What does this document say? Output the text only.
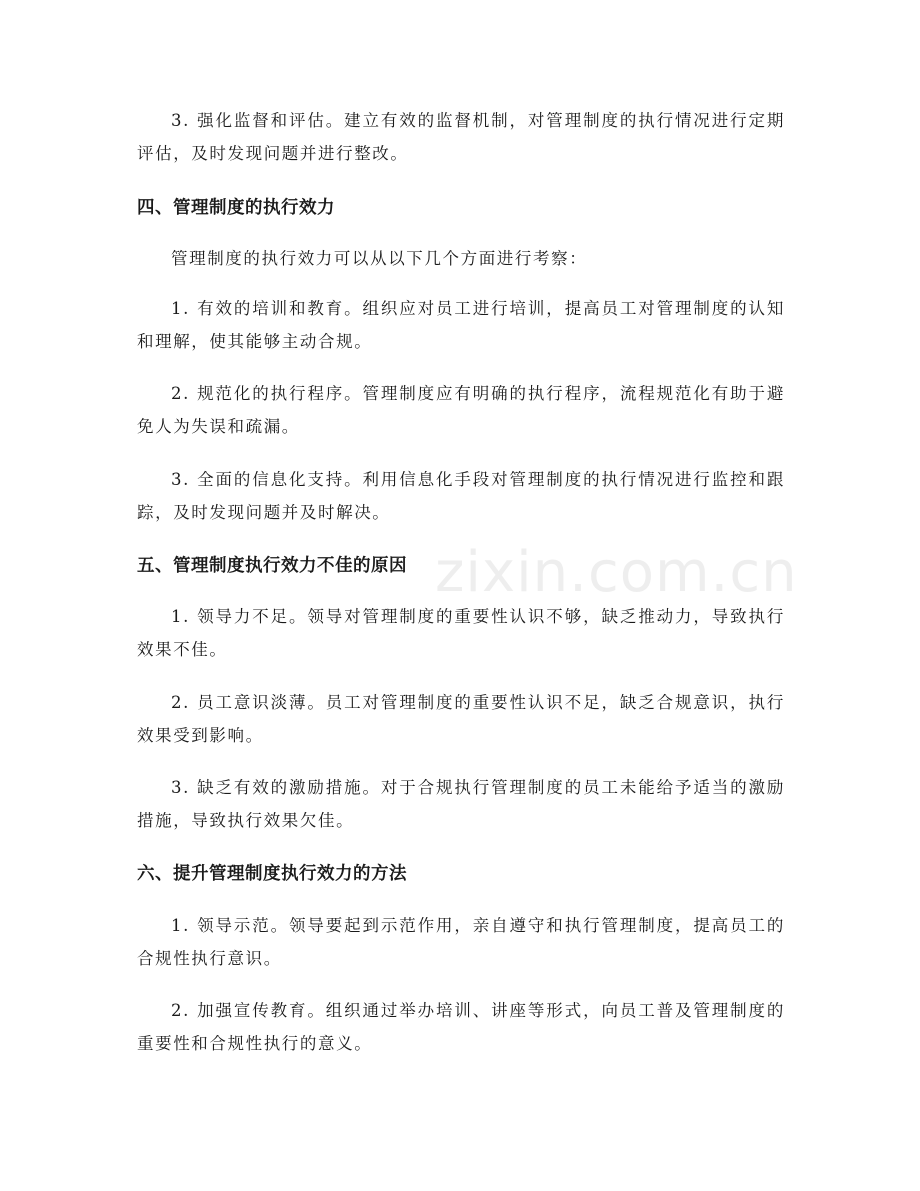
3. 强化监督和评估。建立有效的监督机制，对管理制度的执行情况进行定期评估，及时发现问题并进行整改。

四、管理制度的执行效力

管理制度的执行效力可以从以下几个方面进行考察：

1. 有效的培训和教育。组织应对员工进行培训，提高员工对管理制度的认知和理解，使其能够主动合规。

2. 规范化的执行程序。管理制度应有明确的执行程序，流程规范化有助于避免人为失误和疏漏。

3. 全面的信息化支持。利用信息化手段对管理制度的执行情况进行监控和跟踪，及时发现问题并及时解决。

五、管理制度执行效力不佳的原因

1. 领导力不足。领导对管理制度的重要性认识不够，缺乏推动力，导致执行效果不佳。

2. 员工意识淡薄。员工对管理制度的重要性认识不足，缺乏合规意识，执行效果受到影响。

3. 缺乏有效的激励措施。对于合规执行管理制度的员工未能给予适当的激励措施，导致执行效果欠佳。

六、提升管理制度执行效力的方法

1. 领导示范。领导要起到示范作用，亲自遵守和执行管理制度，提高员工的合规性执行意识。

2. 加强宣传教育。组织通过举办培训、讲座等形式，向员工普及管理制度的重要性和合规性执行的意义。

zixin.com.cn
